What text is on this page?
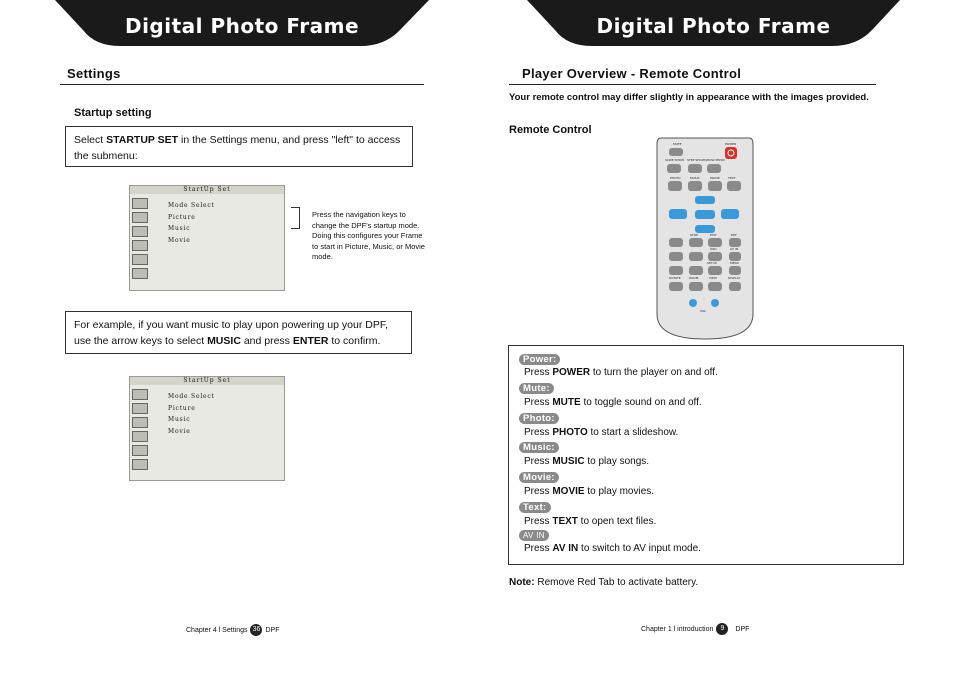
Digital Photo Frame
Settings
Startup setting
Select STARTUP SET in the Settings menu, and press "left" to access the submenu:
StartUp Set
Mode Select
Picture
Music
Movie
Press the navigation keys to change the DPF's startup mode. Doing this configures your Frame to start in Picture, Music, or Movie mode.
For example, if you want music to play upon powering up your DPF, use the arrow keys to select MUSIC and press ENTER to confirm.
StartUp Set
Mode Select
Picture
Music
Movie
Chapter 4 l Settings 36 DPF
Digital Photo Frame
Player Overview - Remote Control
Your remote control may differ slightly in appearance with the images provided.
Remote Control
MUTE	POWER
SLIDE SHOW STEP SHOW SHOW MUSIC
PHOTO	MUSIC	MOVIE	TEXT
STOP	EXIT	DPF
OSD	AV IN
SETUP	MENU
ROTATE	ZOOM	VIEW	DISPLAY
VOL
Power:
Press POWER to turn the player on and off.
Mute:
Press MUTE to toggle sound on and off.
Photo:
Press PHOTO to start a slideshow.
Music:
Press MUSIC to play songs.
Movie:
Press MOVIE to play movies.
Text:
Press TEXT to open text files.
AV IN
Press AV IN to switch to AV input mode.
Note: Remove Red Tab to activate battery.
Chapter 1 l introduction	9	DPF
